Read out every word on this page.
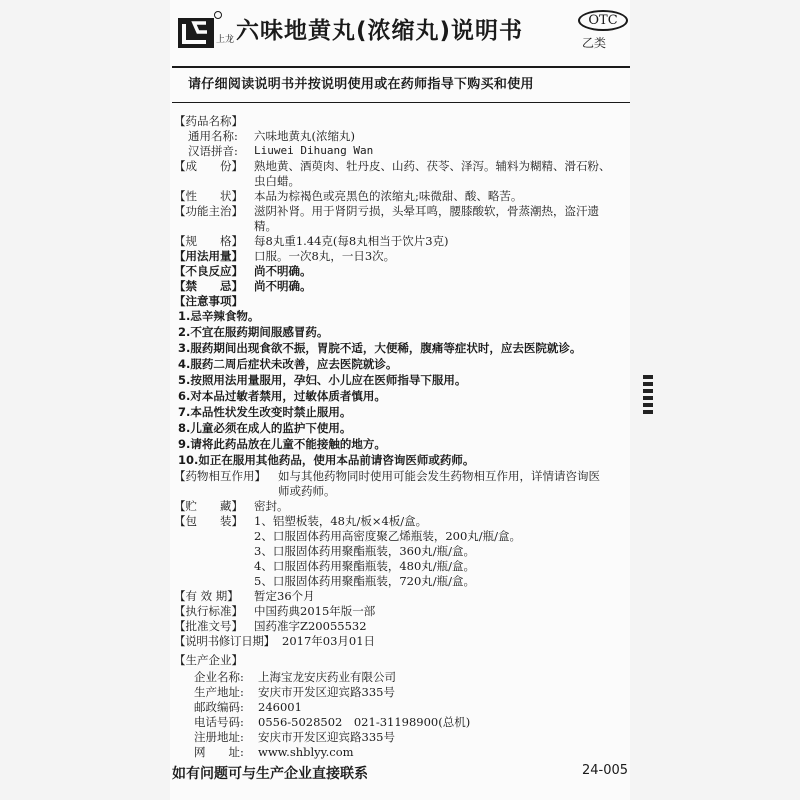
上龙 六味地黄丸(浓缩丸)说明书	OTC
乙类
请仔细阅读说明书并按说明使用或在药师指导下购买和使用
【药品名称】
通用名称: 六味地黄丸(浓缩丸)
汉语拼音: Liuwei Dihuang Wan
【成　　份】 熟地黄、酒萸肉、牡丹皮、山药、茯苓、泽泻。辅料为糊精、滑石粉、
虫白蜡。
【性　　状】 本品为棕褐色或亮黑色的浓缩丸;味微甜、酸、略苦。
【功能主治】 滋阴补肾。用于肾阴亏损，头晕耳鸣，腰膝酸软，骨蒸潮热，盗汗遗
精。
【规　　格】 每8丸重1.44克(每8丸相当于饮片3克)
【用法用量】 口服。一次8丸，一日3次。
【不良反应】 尚不明确。
【禁　　忌】 尚不明确。
【注意事项】
1.忌辛辣食物。
2.不宜在服药期间服感冒药。
3.服药期间出现食欲不振，胃脘不适，大便稀，腹痛等症状时，应去医院就诊。
4.服药二周后症状未改善，应去医院就诊。
5.按照用法用量服用，孕妇、小儿应在医师指导下服用。
6.对本品过敏者禁用，过敏体质者慎用。
7.本品性状发生改变时禁止服用。
8.儿童必须在成人的监护下使用。
9.请将此药品放在儿童不能接触的地方。
10.如正在服用其他药品，使用本品前请咨询医师或药师。
【药物相互作用】 如与其他药物同时使用可能会发生药物相互作用，详情请咨询医
师或药师。
【贮　　藏】 密封。
【包　　装】 1、铝塑板装，48丸/板×4板/盒。
2、口服固体药用高密度聚乙烯瓶装，200丸/瓶/盒。
3、口服固体药用聚酯瓶装，360丸/瓶/盒。
4、口服固体药用聚酯瓶装，480丸/瓶/盒。
5、口服固体药用聚酯瓶装，720丸/瓶/盒。
【有 效 期】 暂定36个月
【执行标准】 中国药典2015年版一部
【批准文号】 国药准字Z20055532
【说明书修订日期】 2017年03月01日
【生产企业】
企业名称: 上海宝龙安庆药业有限公司
生产地址: 安庆市开发区迎宾路335号
邮政编码: 246001
电话号码: 0556-5028502　021-31198900(总机)
注册地址: 安庆市开发区迎宾路335号
网　　址: www.shblyy.com
如有问题可与生产企业直接联系	24-005
